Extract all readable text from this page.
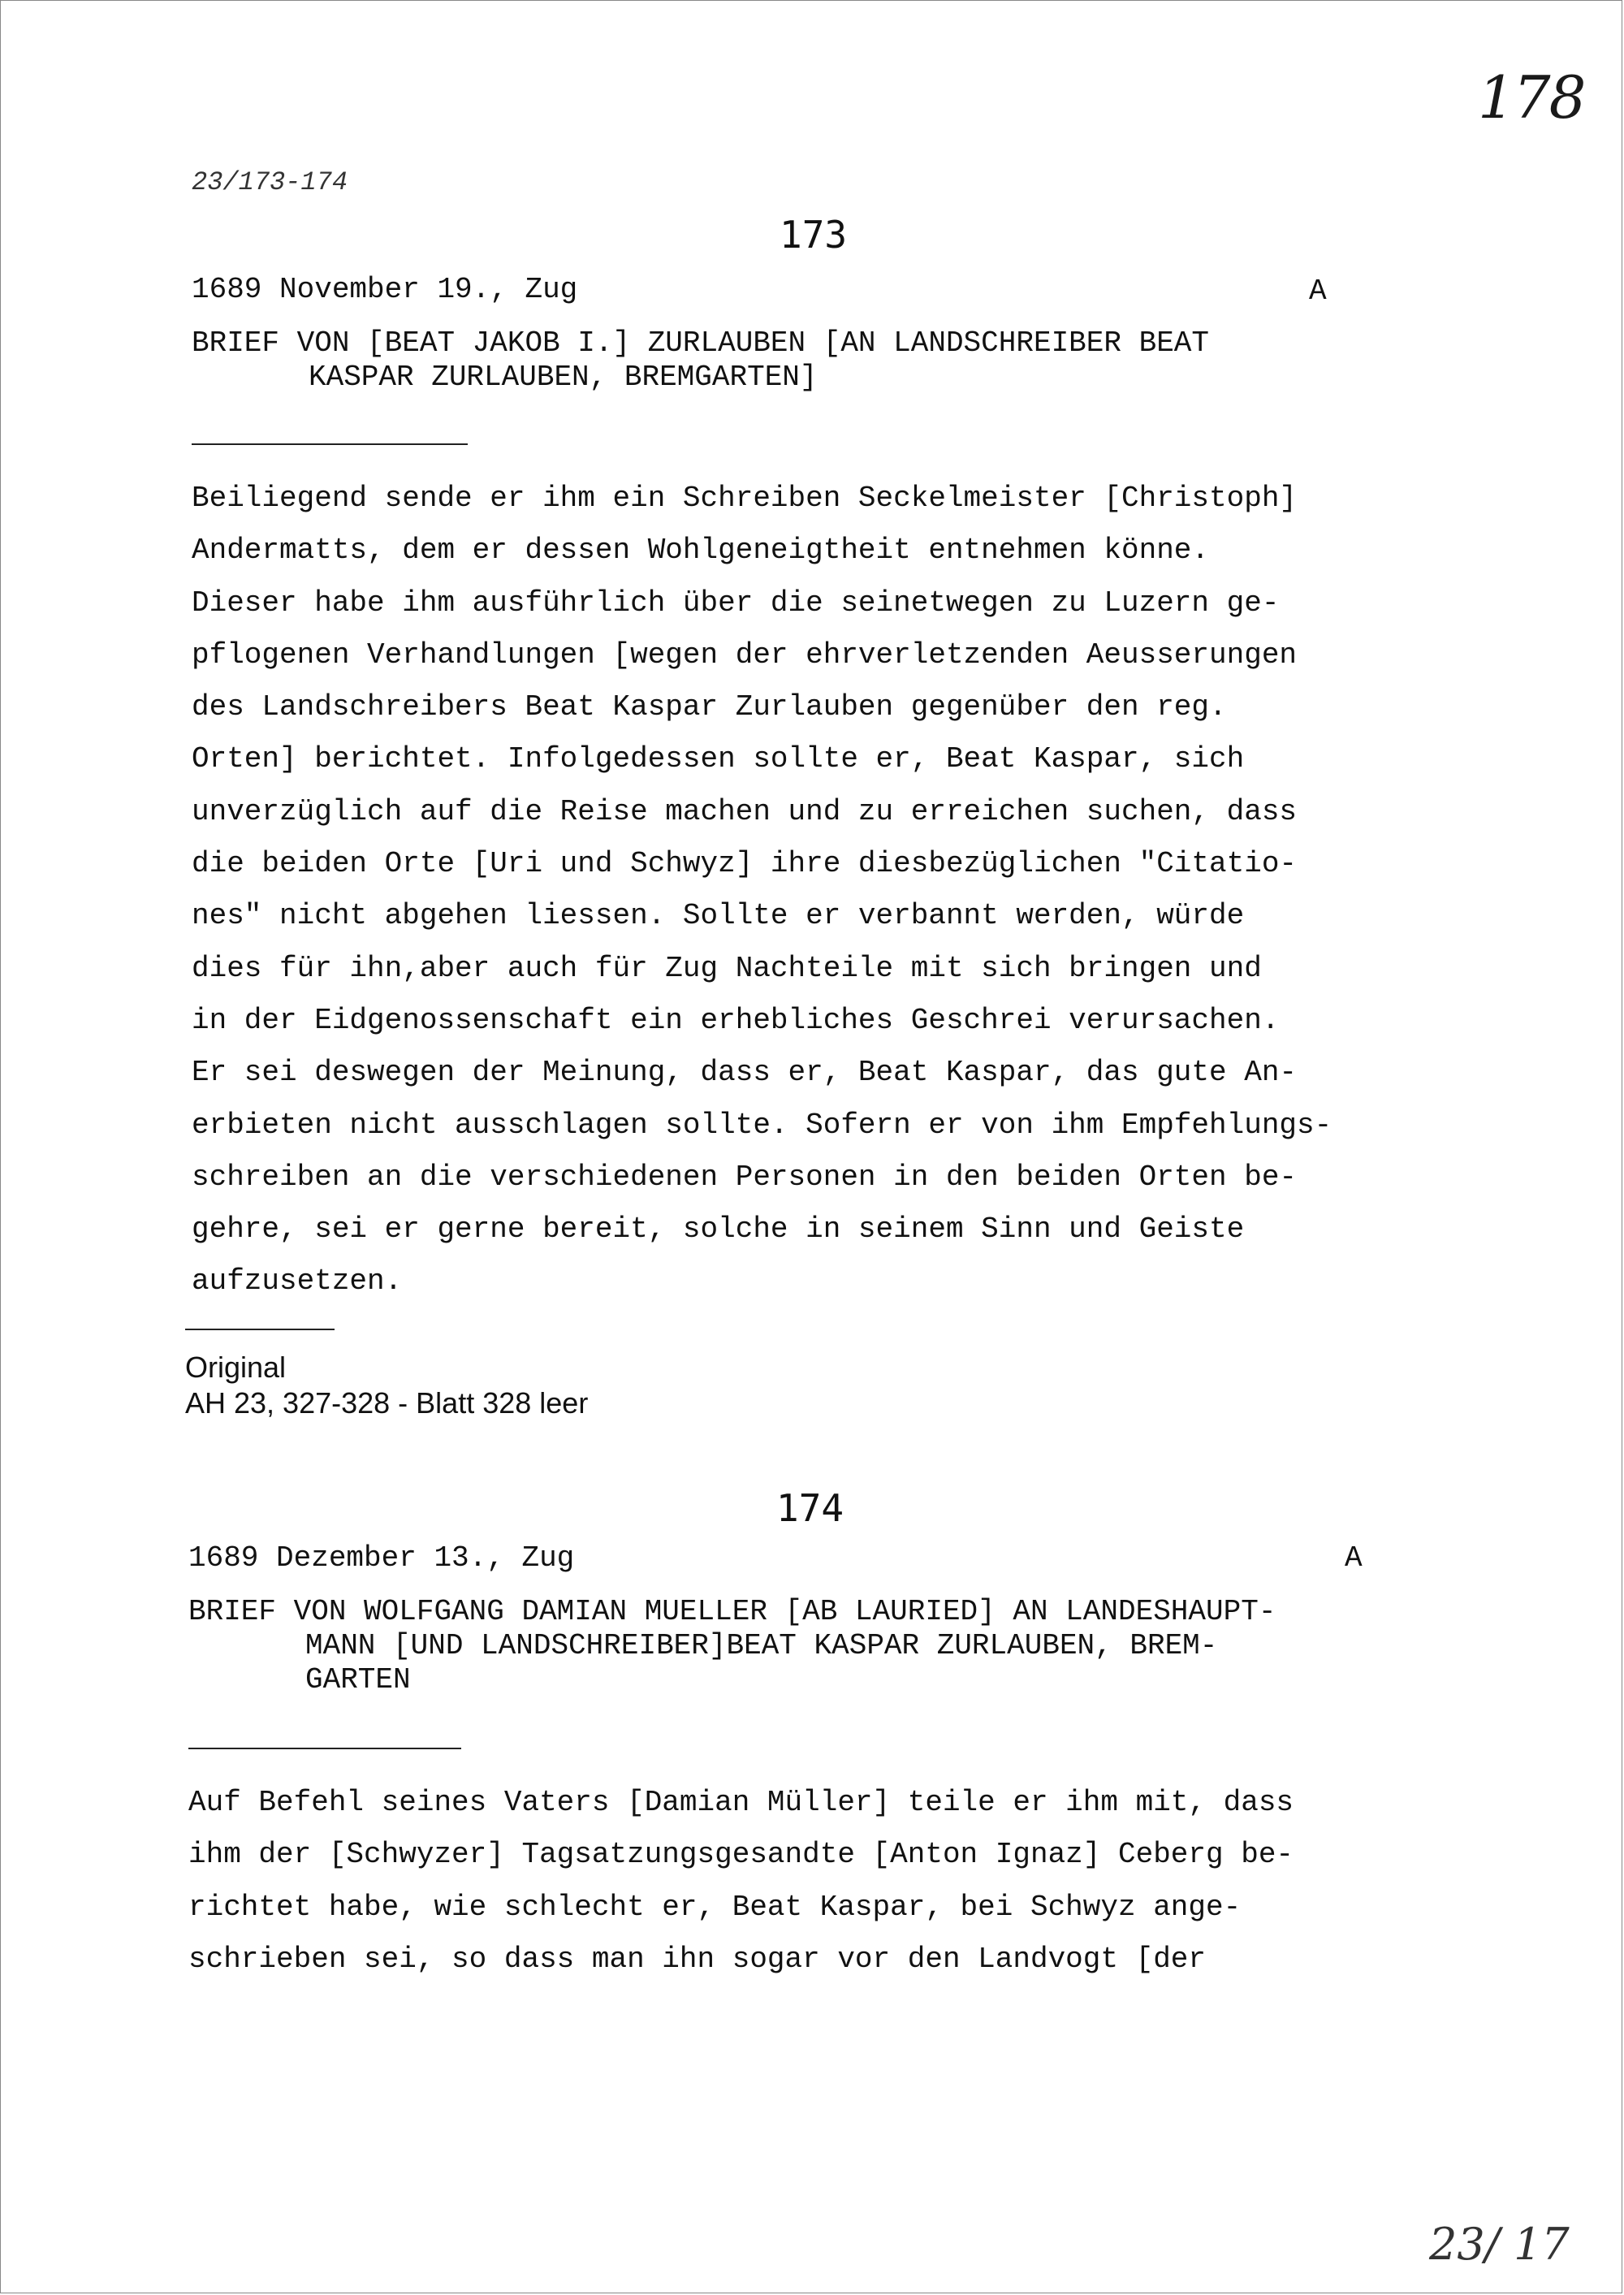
178
23/173-174
173
1689 November 19., Zug	A
BRIEF VON [BEAT JAKOB I.] ZURLAUBEN [AN LANDSCHREIBER BEAT
KASPAR ZURLAUBEN, BREMGARTEN]
Beiliegend sende er ihm ein Schreiben Seckelmeister [Christoph]
Andermatts, dem er dessen Wohlgeneigtheit entnehmen könne.
Dieser habe ihm ausführlich über die seinetwegen zu Luzern ge-
pflogenen Verhandlungen [wegen der ehrverletzenden Aeusserungen
des Landschreibers Beat Kaspar Zurlauben gegenüber den reg.
Orten] berichtet. Infolgedessen sollte er, Beat Kaspar, sich
unverzüglich auf die Reise machen und zu erreichen suchen, dass
die beiden Orte [Uri und Schwyz] ihre diesbezüglichen "Citatio-
nes" nicht abgehen liessen. Sollte er verbannt werden, würde
dies für ihn,aber auch für Zug Nachteile mit sich bringen und
in der Eidgenossenschaft ein erhebliches Geschrei verursachen.
Er sei deswegen der Meinung, dass er, Beat Kaspar, das gute An-
erbieten nicht ausschlagen sollte. Sofern er von ihm Empfehlungs-
schreiben an die verschiedenen Personen in den beiden Orten be-
gehre, sei er gerne bereit, solche in seinem Sinn und Geiste
aufzusetzen.
Original
AH 23, 327-328 - Blatt 328 leer
174
1689 Dezember 13., Zug	A
BRIEF VON WOLFGANG DAMIAN MUELLER [AB LAURIED] AN LANDESHAUPT-
MANN [UND LANDSCHREIBER]BEAT KASPAR ZURLAUBEN, BREM-
GARTEN
Auf Befehl seines Vaters [Damian Müller] teile er ihm mit, dass
ihm der [Schwyzer] Tagsatzungsgesandte [Anton Ignaz] Ceberg be-
richtet habe, wie schlecht er, Beat Kaspar, bei Schwyz ange-
schrieben sei, so dass man ihn sogar vor den Landvogt [der
23/ 17
